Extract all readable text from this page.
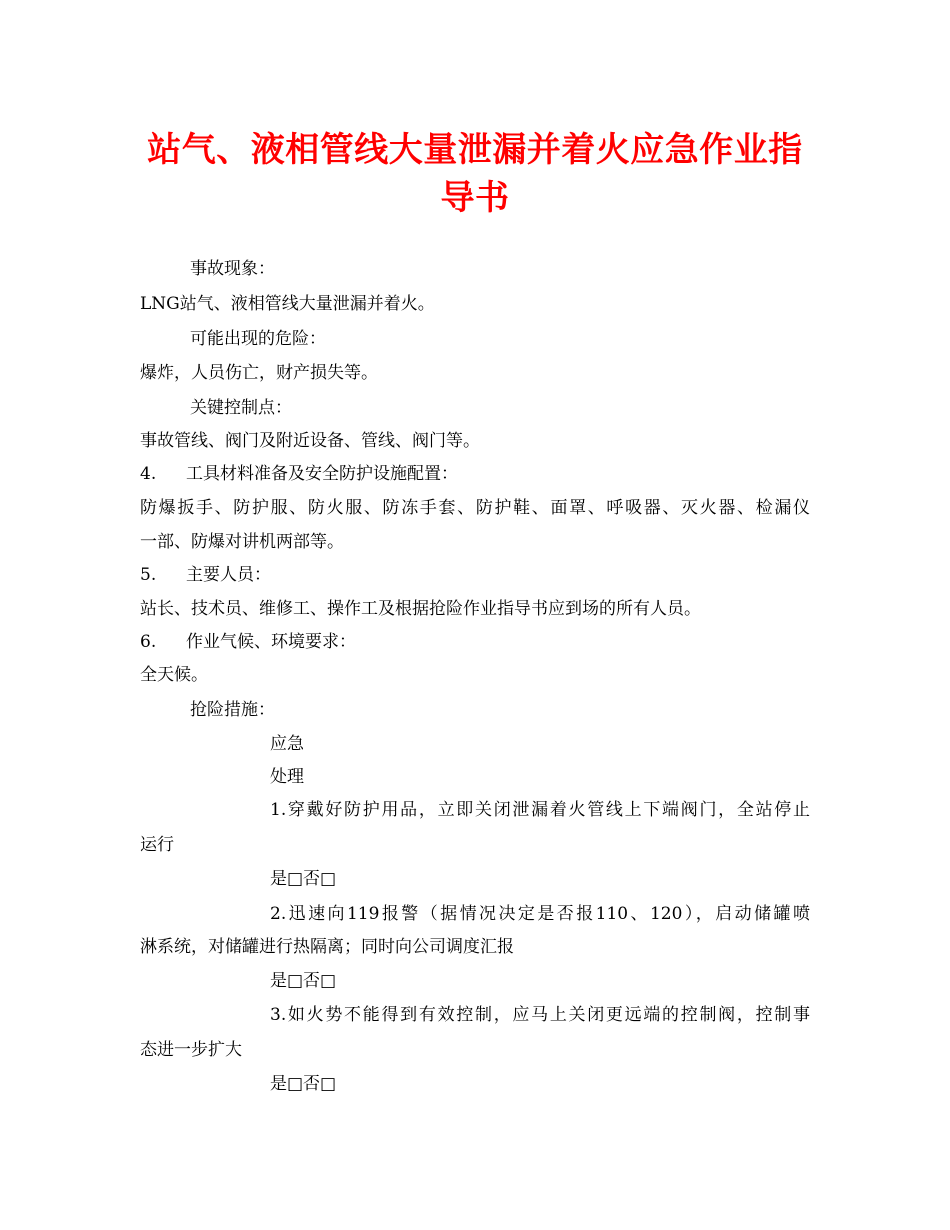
站气、液相管线大量泄漏并着火应急作业指
导书
事故现象：
LNG站气、液相管线大量泄漏并着火。
可能出现的危险：
爆炸，人员伤亡，财产损失等。
关键控制点：
事故管线、阀门及附近设备、管线、阀门等。
4. 工具材料准备及安全防护设施配置：
防爆扳手、防护服、防火服、防冻手套、防护鞋、面罩、呼吸器、灭火器、检漏仪
一部、防爆对讲机两部等。
5. 主要人员：
站长、技术员、维修工、操作工及根据抢险作业指导书应到场的所有人员。
6. 作业气候、环境要求：
全天候。
抢险措施：
应急
处理
1.穿戴好防护用品，立即关闭泄漏着火管线上下端阀门，全站停止
运行
是□否□
2.迅速向119报警（据情况决定是否报110、120），启动储罐喷
淋系统，对储罐进行热隔离；同时向公司调度汇报
是□否□
3.如火势不能得到有效控制，应马上关闭更远端的控制阀，控制事
态进一步扩大
是□否□
